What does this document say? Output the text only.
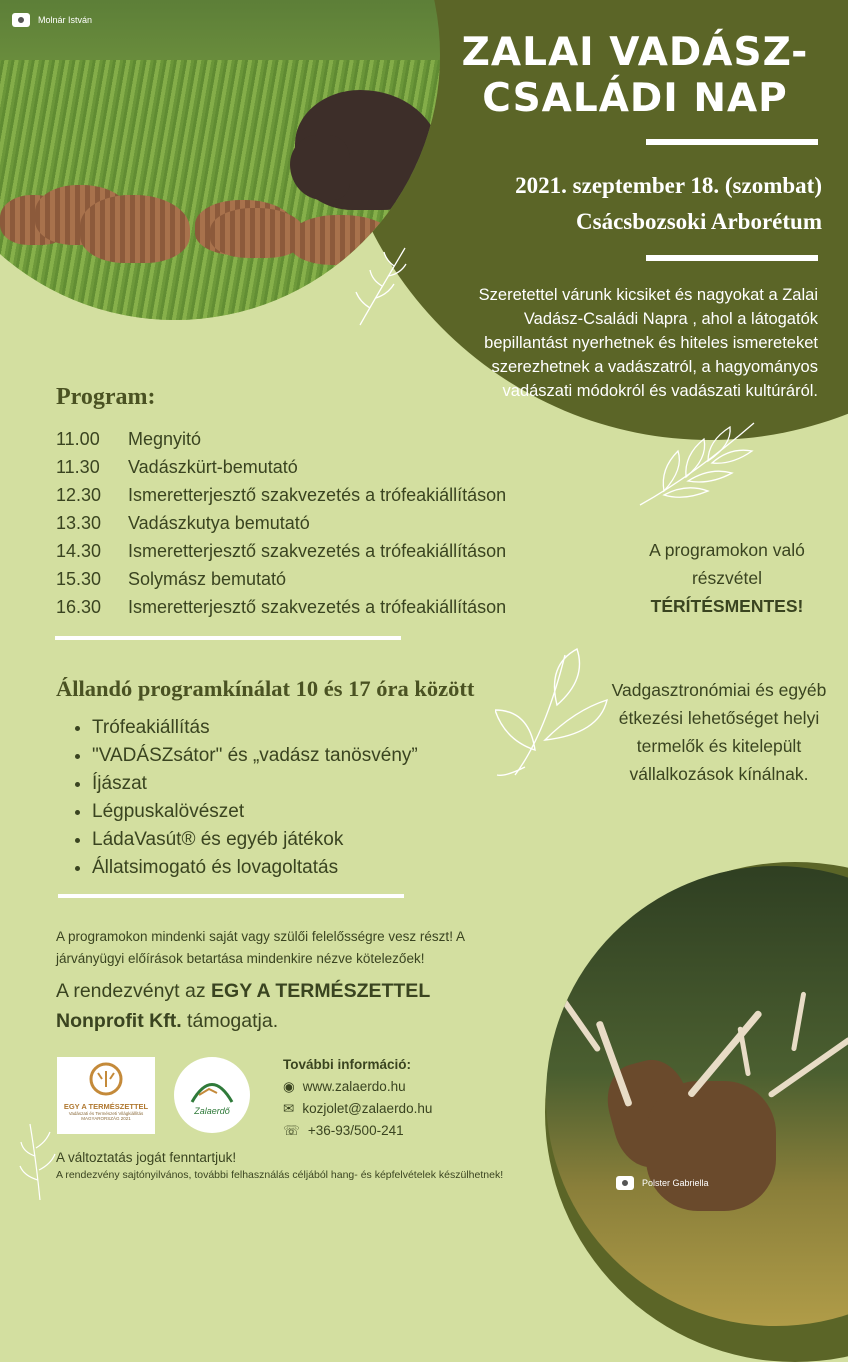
Molnár István
ZALAI VADÁSZ-
CSALÁDI NAP
2021. szeptember 18. (szombat)
Csácsbozsoki Arborétum
Szeretettel várunk kicsiket és nagyokat a Zalai Vadász-Családi Napra , ahol a látogatók bepillantást nyerhetnek és hiteles ismereteket szerezhetnek a vadászatról, a hagyományos vadászati módokról és vadászati kultúráról.
Program:
11.00	Megnyitó
11.30	Vadászkürt-bemutató
12.30	Ismeretterjesztő szakvezetés a trófeakiállításon
13.30	Vadászkutya bemutató
14.30	Ismeretterjesztő szakvezetés a trófeakiállításon
15.30	Solymász bemutató
16.30	Ismeretterjesztő szakvezetés a trófeakiállításon
A programokon való
részvétel
TÉRÍTÉSMENTES!
Állandó programkínálat 10 és 17 óra között
• Trófeakiállítás
• "VADÁSZsátor" és „vadász tanösvény”
• Íjászat
• Légpuskalövészet
• LádaVasút® és egyéb játékok
• Állatsimogató és lovagoltatás
Vadgasztronómiai és egyéb étkezési lehetőséget helyi termelők és kitelepült vállalkozások kínálnak.
Polster Gabriella
A programokon mindenki saját vagy szülői felelősségre vesz részt! A járványügyi előírások betartása mindenkire nézve kötelezőek!
A rendezvényt az EGY A TERMÉSZETTEL
Nonprofit Kft. támogatja.
EGY A TERMÉSZETTEL
Vadászati és Természeti Világkiállítás
MAGYARORSZÁG 2021
Zalaerdő
További információ:
◉ www.zalaerdo.hu
✉ kozjolet@zalaerdo.hu
☏ +36-93/500-241
A változtatás jogát fenntartjuk!
A rendezvény sajtónyilvános, további felhasználás céljából hang- és képfelvételek készülhetnek!
